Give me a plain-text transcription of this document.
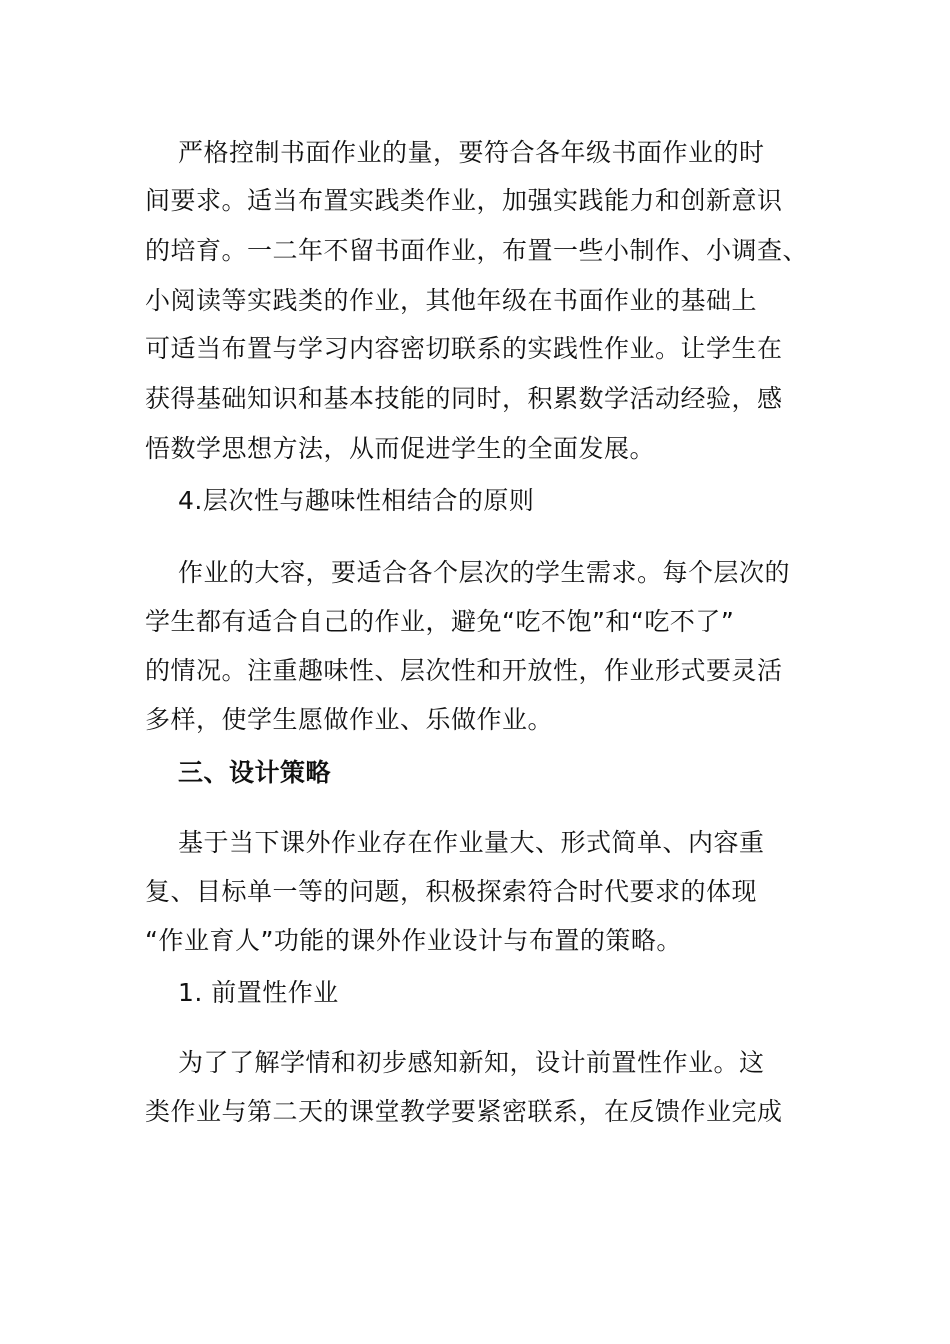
严格控制书面作业的量，要符合各年级书面作业的时
间要求。适当布置实践类作业，加强实践能力和创新意识
的培育。一二年不留书面作业，布置一些小制作、小调查、
小阅读等实践类的作业，其他年级在书面作业的基础上
可适当布置与学习内容密切联系的实践性作业。让学生在
获得基础知识和基本技能的同时，积累数学活动经验，感
悟数学思想方法，从而促进学生的全面发展。
4.层次性与趣味性相结合的原则
作业的大容，要适合各个层次的学生需求。每个层次的
学生都有适合自己的作业，避免“吃不饱”和“吃不了”
的情况。注重趣味性、层次性和开放性，作业形式要灵活
多样，使学生愿做作业、乐做作业。
三、设计策略
基于当下课外作业存在作业量大、形式简单、内容重
复、目标单一等的问题，积极探索符合时代要求的体现
“作业育人”功能的课外作业设计与布置的策略。
1. 前置性作业
为了了解学情和初步感知新知，设计前置性作业。这
类作业与第二天的课堂教学要紧密联系，在反馈作业完成
